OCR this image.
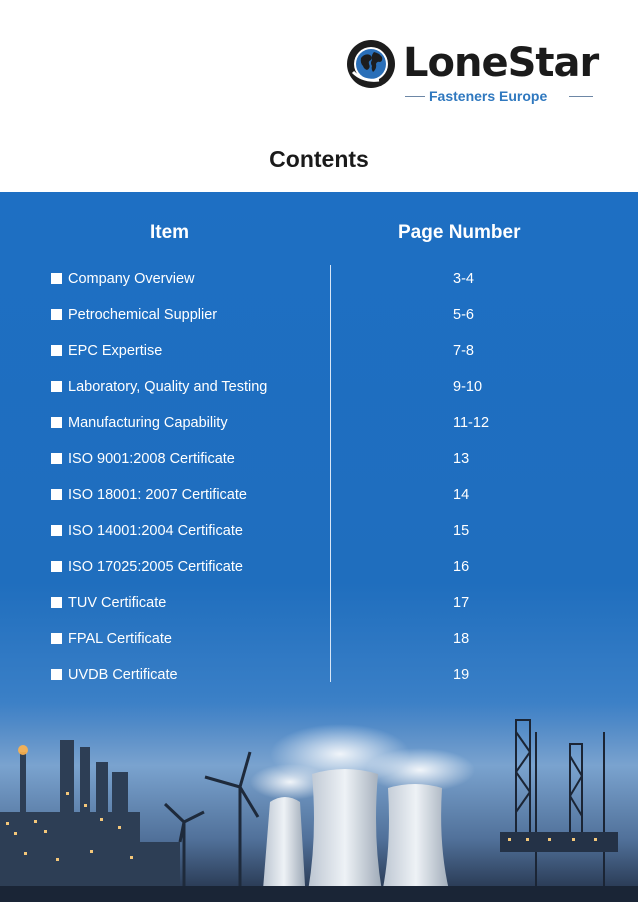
LoneStar
Fasteners Europe
Contents
Item	Page Number
Company Overview	3-4
Petrochemical Supplier	5-6
EPC Expertise	7-8
Laboratory, Quality and Testing	9-10
Manufacturing Capability	11-12
ISO 9001:2008 Certificate	13
ISO 18001: 2007 Certificate	14
ISO 14001:2004 Certificate	15
ISO 17025:2005 Certificate	16
TUV Certificate	17
FPAL Certificate	18
UVDB Certificate	19
